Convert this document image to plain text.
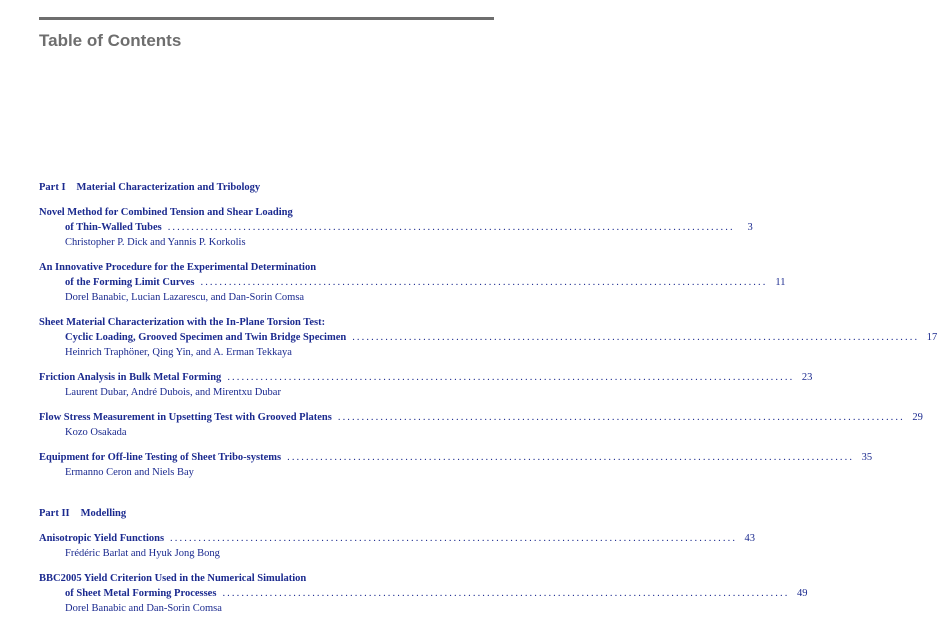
Table of Contents
Part I Material Characterization and Tribology
Novel Method for Combined Tension and Shear Loading
of Thin-Walled Tubes ........................................................................................................................	3
Christopher P. Dick and Yannis P. Korkolis
An Innovative Procedure for the Experimental Determination
of the Forming Limit Curves ........................................................................................................................ 11
Dorel Banabic, Lucian Lazarescu, and Dan-Sorin Comsa
Sheet Material Characterization with the In-Plane Torsion Test:
Cyclic Loading, Grooved Specimen and Twin Bridge Specimen ........................................................................................................................ 17
Heinrich Traphöner, Qing Yin, and A. Erman Tekkaya
Friction Analysis in Bulk Metal Forming ........................................................................................................................ 23
Laurent Dubar, André Dubois, and Mirentxu Dubar
Flow Stress Measurement in Upsetting Test with Grooved Platens ........................................................................................................................ 29
Kozo Osakada
Equipment for Off-line Testing of Sheet Tribo-systems ........................................................................................................................ 35
Ermanno Ceron and Niels Bay
Part II Modelling
Anisotropic Yield Functions ........................................................................................................................ 43
Frédéric Barlat and Hyuk Jong Bong
BBC2005 Yield Criterion Used in the Numerical Simulation
of Sheet Metal Forming Processes ........................................................................................................................ 49
Dorel Banabic and Dan-Sorin Comsa
